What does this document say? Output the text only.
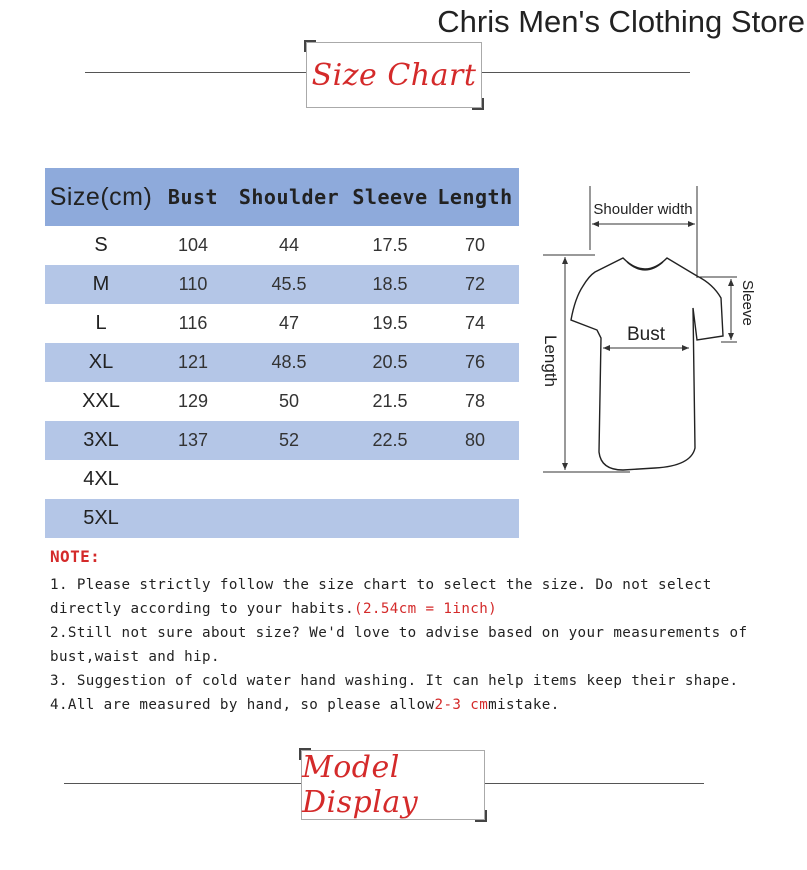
Chris Men's Clothing Store
Size Chart
Size(cm)	Bust	Shoulder	Sleeve	Length
S	104	44	17.5	70
M	110	45.5	18.5	72
L	116	47	19.5	74
XL	121	48.5	20.5	76
XXL	129	50	21.5	78
3XL	137	52	22.5	80
4XL				
5XL				
Shoulder width
Length
Bust
Sleeve
NOTE:

1. Please strictly follow the size chart to select the size. Do not select directly according to your habits.(2.54cm = 1inch)

2.Still not sure about size? We'd love to advise based on your measurements of bust,waist and hip.

3. Suggestion of cold water hand washing. It can help items keep their shape.

4.All are measured by hand, so please allow2-3 cmmistake.

Model Display
